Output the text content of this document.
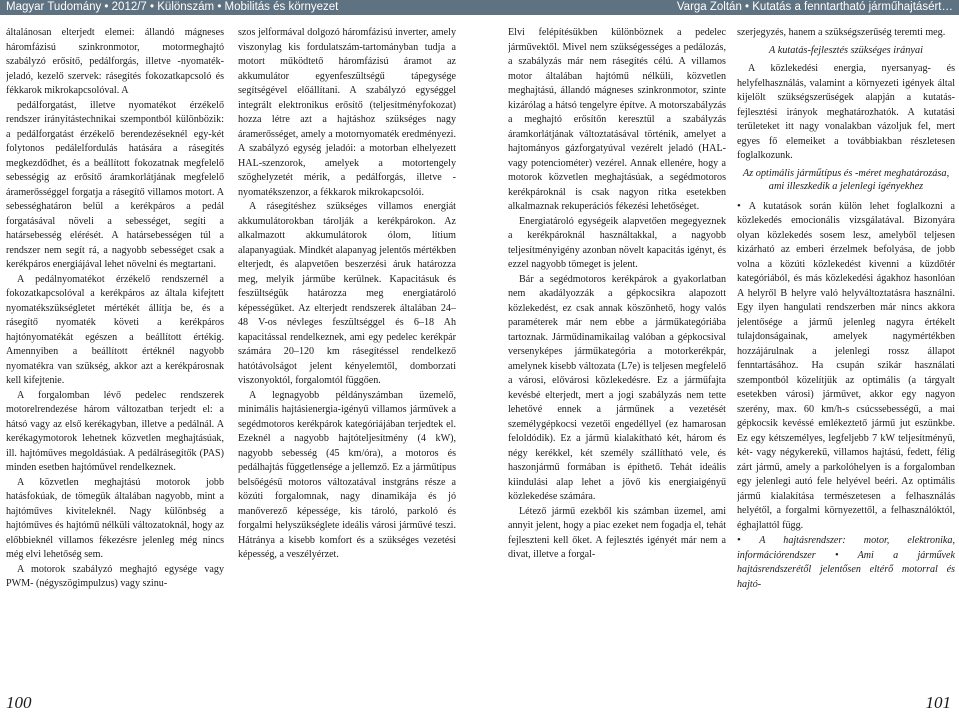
Magyar Tudomány • 2012/7 • Különszám • Mobilitás és környezet	Varga Zoltán • Kutatás a fenntartható járműhajtásért…

általánosan elterjedt elemei: állandó mágneses háromfázisú szinkronmotor, motormeghajtó szabályzó erősítő, pedálforgás, illetve -nyomaték-jeladó, kezelő szervek: rásegítés fokozatkapcsoló és fékkarok mikrokapcsolóval. A

pedálforgatást, illetve nyomatékot érzékelő rendszer irányítástechnikai szempontból különbözik: a pedálforgatást érzékelő berendezéseknél egy-két folytonos pedálelfordulás hatására a rásegítés megkezdődhet, és a beállított fokozatnak megfelelő sebességig az erősítő áramkorlátjának megfelelő áramerősséggel forgatja a rásegítő villamos motort. A sebességhatáron belül a kerékpáros a pedál forgatásával növeli a sebességet, segíti a határsebesség elérését. A határsebességen túl a rendszer nem segít rá, a nagyobb sebességet csak a kerékpáros energiájával lehet növelni és megtartani.

A pedálnyomatékot érzékelő rendszernél a fokozatkapcsolóval a kerékpáros az általa kifejtett nyomatékszükségletet mértékét állítja be, és a rásegítő nyomaték követi a kerékpáros hajtónyomatékát egészen a beállított értékig. Amennyiben a beállított értéknél nagyobb nyomatékra van szükség, akkor azt a kerékpárosnak kell kifejtenie.

A forgalomban lévő pedelec rendszerek motorelrendezése három változatban terjedt el: a hátsó vagy az első kerékagyban, illetve a pedálnál. A kerékagymotorok lehetnek közvetlen meghajtásúak, ill. hajtóműves megoldásúak. A pedálrásegítők (PAS) minden esetben hajtóművel rendelkeznek.

A közvetlen meghajtású motorok jobb hatásfokúak, de tömegük általában nagyobb, mint a hajtóműves kiviteleknél. Nagy különbség a hajtóműves és hajtómű nélküli változatoknál, hogy az előbbieknél villamos fékezésre jelenleg még nincs még elvi lehetőség sem.

A motorok szabályzó meghajtó egysége vagy PWM- (négyszögimpulzus) vagy szinu-

szos jelformával dolgozó háromfázisú inverter, amely viszonylag kis fordulatszám-tartományban tudja a motort működtető háromfázisú áramot az akkumulátor egyenfeszültségű tápegysége segítségével előállítani. A szabályzó egységgel integrált elektronikus erősítő (teljesítményfokozat) hozza létre azt a hajtáshoz szükséges nagy áramerősséget, amely a motornyomaték eredményezi. A szabályzó egység jeladói: a motorban elhelyezett HAL-szenzorok, amelyek a motortengely szöghelyzetét mérik, a pedálforgás, illetve -nyomatékszenzor, a fékkarok mikrokapcsolói.

A rásegítéshez szükséges villamos energiát akkumulátorokban tárolják a kerékpárokon. Az alkalmazott akkumulátorok ólom, lítium alapanyagúak. Mindkét alapanyag jelentős mértékben elterjedt, és alapvetően beszerzési áruk határozza meg, melyik járműbe kerülnek. Kapacitásuk és feszültségük határozza meg energiatároló képességüket. Az elterjedt rendszerek általában 24–48 V-os névleges feszültséggel és 6–18 Ah kapacitással rendelkeznek, ami egy pedelec kerékpár számára 20–120 km rásegítéssel rendelkező hatótávolságot jelent kényelemtől, domborzati viszonyoktól, forgalomtól függően.

A legnagyobb példányszámban üzemelő, minimális hajtásienergia-igényű villamos járművek a segédmotoros kerékpárok kategóriájában terjedtek el. Ezeknél a nagyobb hajtóteljesítmény (4 kW), nagyobb sebesség (45 km/óra), a motoros és pedálhajtás függetlensége a jellemző. Ez a járműtípus belsőégésű motoros változatával instgráns része a közúti forgalomnak, nagy dinamikája és jó manőverező képessége, kis tároló, parkoló és forgalmi helyszükséglete ideális városi járművé teszi. Hátránya a kisebb komfort és a szükséges vezetési képesség, a veszélyérzet.

Elvi felépítésükben különböznek a pedelec járművektől. Mivel nem szükségességes a pedálozás, a szabályzás már nem rásegítés célú. A villamos motor általában hajtómű nélküli, közvetlen meghajtású, állandó mágneses szinkronmotor, szinte kizárólag a hátsó tengelyre építve. A motorszabályzás a meghajtó erősítőn keresztül a szabályzás áramkorlátjának változtatásával történik, amelyet a hajtományos gázforgatyúval vezérelt jeladó (HAL-vagy potenciométer) vezérel. Annak ellenére, hogy a motorok közvetlen meghajtásúak, a segédmotoros kerékpároknál is csak nagyon ritka esetekben alkalmaznak rekuperációs fékezési lehetőséget.

Energiatároló egységeik alapvetően megegyeznek a kerékpároknál használtakkal, a nagyobb teljesítményigény azonban növelt kapacitás igényt, és ezzel nagyobb tömeget is jelent.

Bár a segédmotoros kerékpárok a gyakorlatban nem akadályozzák a gépkocsikra alapozott közlekedést, ez csak annak köszönhető, hogy valós paraméterek már nem ebbe a járműkategóriába tartoznak. Járműdinamikailag valóban a gépkocsival versenyképes járműkategória a motorkerékpár, amelynek kisebb változata (L7e) is teljesen megfelelő a városi, elővárosi közlekedésre. Ez a járműfajta kevésbé elterjedt, mert a jogi szabályzás nem tette lehetővé ennek a járműnek a vezetését személygépkocsi vezetői engedéllyel (ez hamarosan feloldódik). Ez a jármű kialakítható két, három és négy kerékkel, két személy szállítható vele, és haszonjármű formában is építhető. Tehát ideális kiindulási alap lehet a jövő kis energiaigényű közlekedése számára.

Létező jármű ezekből kis számban üzemel, ami annyit jelent, hogy a piac ezeket nem fogadja el, tehát fejleszteni kell őket. A fejlesztés igényét már nem a divat, illetve a forgal-

szerjegyzés, hanem a szükségszerűség teremti meg.

A kutatás-fejlesztés szükséges irányai

A közlekedési energia, nyersanyag- és helyfelhasználás, valamint a környezeti igények által kijelölt szükségszerűségek alapján a kutatás-fejlesztési irányok meghatározhatók. A kutatási területeket itt nagy vonalakban vázoljuk fel, mert egyes fő elemeiket a továbbiakban részletesen foglalkozunk.

Az optimális járműtípus és -méret meghatározása, ami illeszkedik a jelenlegi igényekhez

• A kutatások során külön lehet foglalkozni a közlekedés emocionális vizsgálatával. Bizonyára olyan közlekedés sosem lesz, amelyből teljesen kizárható az emberi érzelmek befolyása, de jobb volna a közúti közlekedést kivenni a küzdőtér kategóriából, és más közlekedési ágakhoz hasonlóan A helyről B helyre való helyváltoztatásra használni. Egy ilyen hangulati rendszerben már nincs akkora jelentősége a jármű jelenleg nagyra értékelt tulajdonságainak, amelyek nagymértékben hozzájárulnak a jelenlegi rossz állapot fenntartásához. Ha csupán szikár használati szempontból közelítjük az optimális (a tárgyalt esetekben városi) járművet, akkor egy nagyon szerény, max. 60 km/h-s csúcssebességű, a mai gépkocsik kevéssé emlékeztető jármű jut eszünkbe. Ez egy kétszemélyes, legfeljebb 7 kW teljesítményű, két- vagy négykerekű, villamos hajtású, fedett, félig zárt jármű, amely a parkolóhelyen is a forgalomban egy jelenlegi autó fele helyével beéri. Az optimális jármű kialakítása természetesen a felhasználás helyétől, a forgalmi környezettől, a felhasználóktól, éghajlattól függ.

• A hajtásrendszer: motor, elektronika, információrendszer • Ami a járművek hajtásrendszerétől jelentősen eltérő motorral és hajtó-

100	101
